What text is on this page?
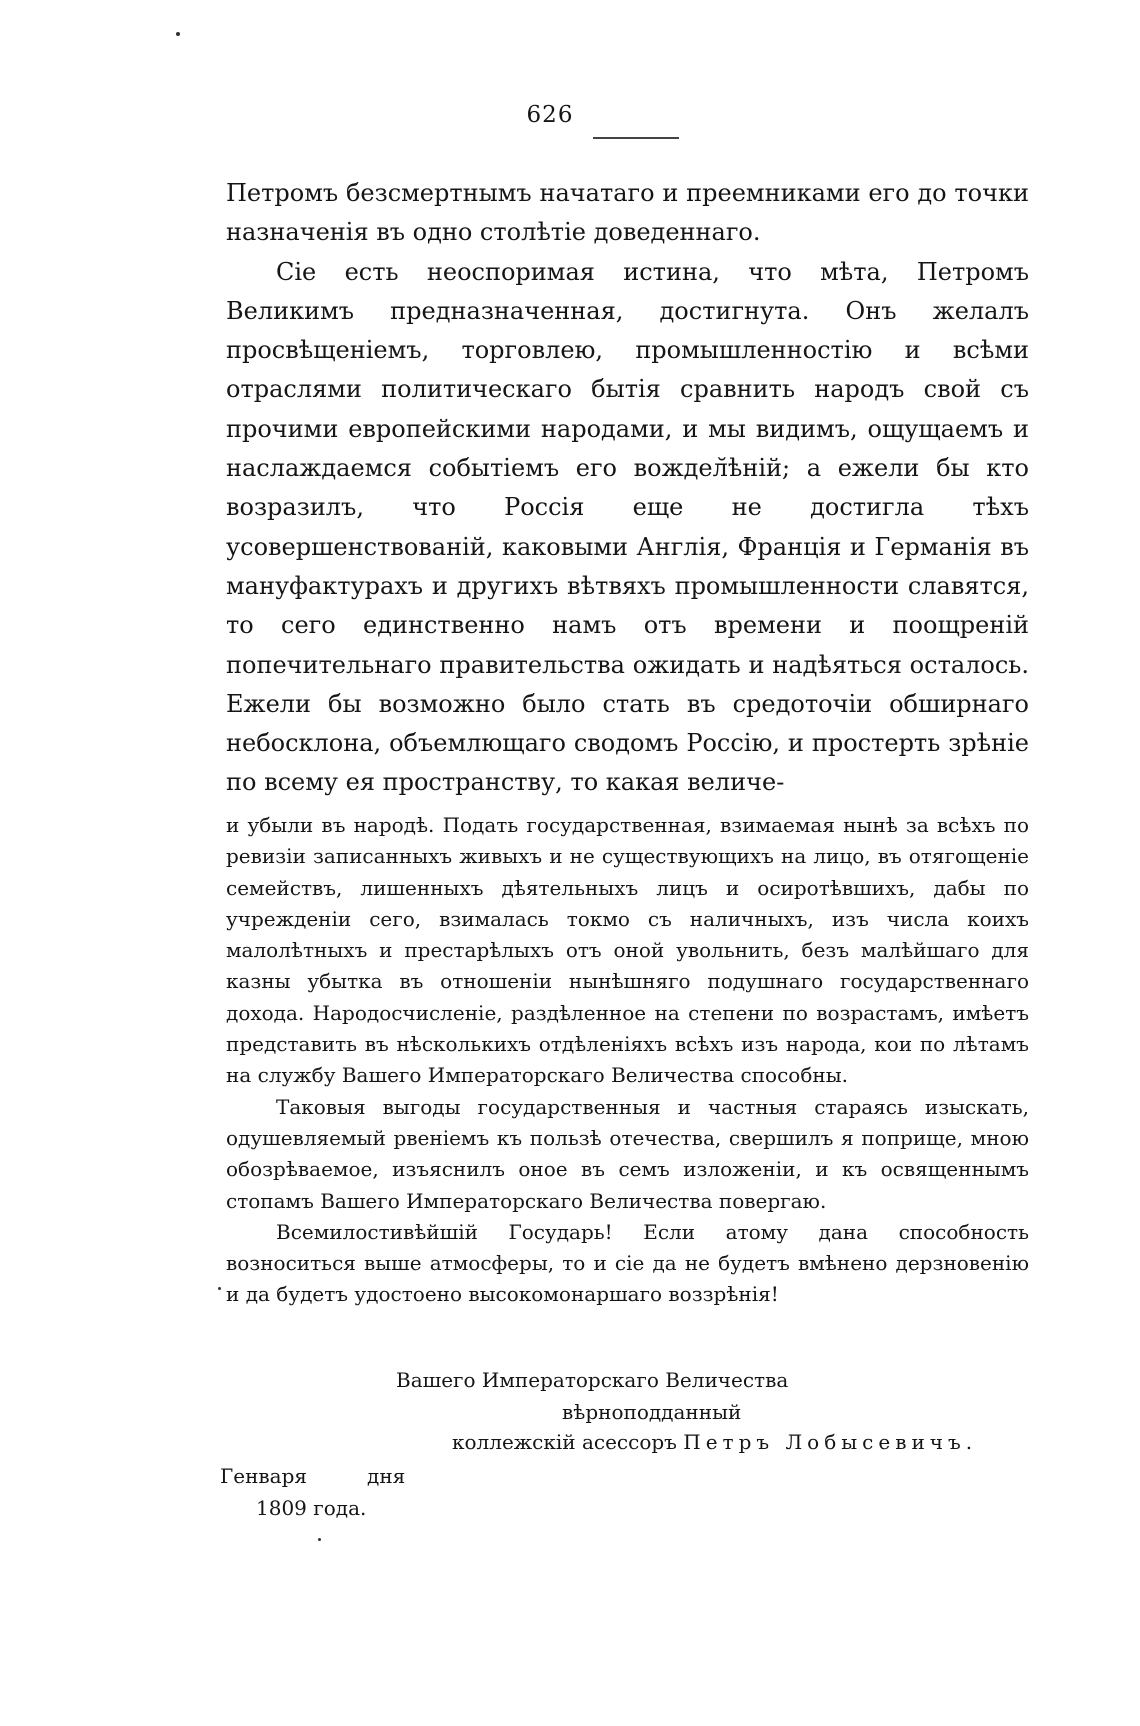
626

Петромъ безсмертнымъ начатаго и преемниками его до точки назначенія въ одно столѣтіе доведеннаго.

Сіе есть неоспоримая истина, что мѣта, Петромъ Великимъ предназначенная, достигнута. Онъ желалъ просвѣщеніемъ, торговлею, промышленностію и всѣми отраслями политическаго бытія сравнить народъ свой съ прочими европейскими народами, и мы видимъ, ощущаемъ и наслаждаемся событіемъ его вождел̆ѣній; а ежели бы кто возразилъ, что Россія еще не достигла тѣхъ усовершенствованій, каковыми Англія, Франція и Германія въ мануфактурахъ и другихъ вѣтвяхъ промышленности славятся, то сего единственно намъ отъ времени и поощреній попечительнаго правительства ожидать и надѣяться осталось. Ежели бы возможно было стать въ средоточіи обширнаго небосклона, объемлющаго сводомъ Россію, и простерть зрѣніе по всему ея пространству, то какая величе-

и убыли въ народѣ. Подать государственная, взимаемая нынѣ за всѣхъ по ревизіи записанныхъ живыхъ и не существующихъ на лицо, въ отягощеніе семействъ, лишенныхъ дѣятельныхъ лицъ и осиротѣвшихъ, дабы по учрежденіи сего, взималась токмо съ наличныхъ, изъ числа коихъ малолѣтныхъ и престарѣлыхъ отъ оной увольнить, безъ малѣйшаго для казны убытка въ отношеніи нынѣшняго подушнаго государственнаго дохода. Народосчисленіе, раздѣленное на степени по возрастамъ, имѣетъ представить въ нѣсколькихъ отдѣленіяхъ всѣхъ изъ народа, кои по лѣтамъ на службу Вашего Императорскаго Величества способны.

Таковыя выгоды государственныя и частныя стараясь изыскать, одушевляемый рвеніемъ къ пользѣ отечества, свершилъ я поприще, мною обозрѣваемое, изъяснилъ оное въ семъ изложеніи, и къ освященнымъ стопамъ Вашего Императорскаго Величества повергаю.

Всемилостивѣйшій Государь! Если атому дана способность возноситься выше атмосферы, то и сіе да не будетъ вмѣнено дерзновенію и да будетъ удостоено высокомонаршаго воззрѣнія!

Вашего Императорскаго Величества
вѣрноподданный
коллежскій асессоръ Петръ Лобысевичъ.
Генваря	дня
1809 года.
